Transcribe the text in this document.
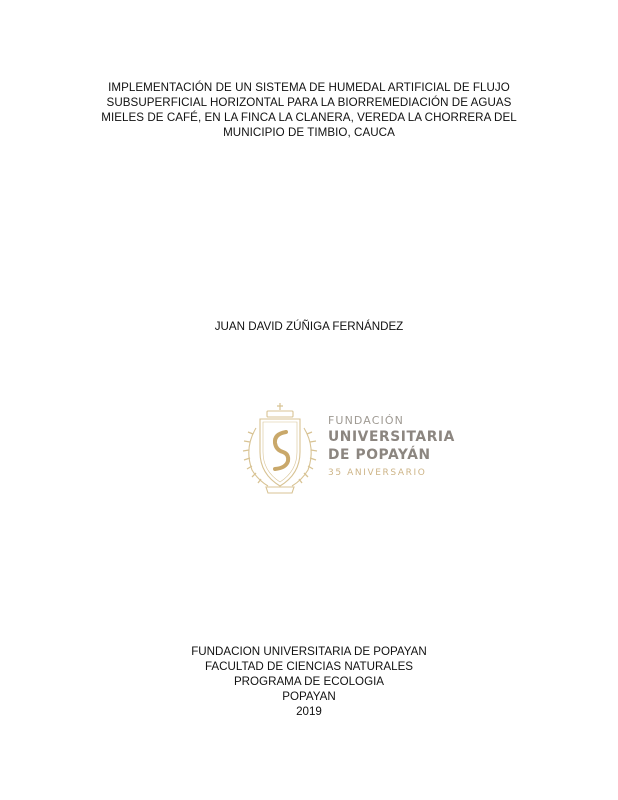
IMPLEMENTACIÓN DE UN SISTEMA DE HUMEDAL ARTIFICIAL DE FLUJO
SUBSUPERFICIAL HORIZONTAL PARA LA BIORREMEDIACIÓN DE AGUAS
MIELES DE CAFÉ, EN LA FINCA LA CLANERA, VEREDA LA CHORRERA DEL
MUNICIPIO DE TIMBIO, CAUCA
JUAN DAVID ZÚÑIGA FERNÁNDEZ
FUNDACIÓN
UNIVERSITARIA
DE POPAYÁN
35 ANIVERSARIO
FUNDACION UNIVERSITARIA DE POPAYAN
FACULTAD DE CIENCIAS NATURALES
PROGRAMA DE ECOLOGIA
POPAYAN
2019
